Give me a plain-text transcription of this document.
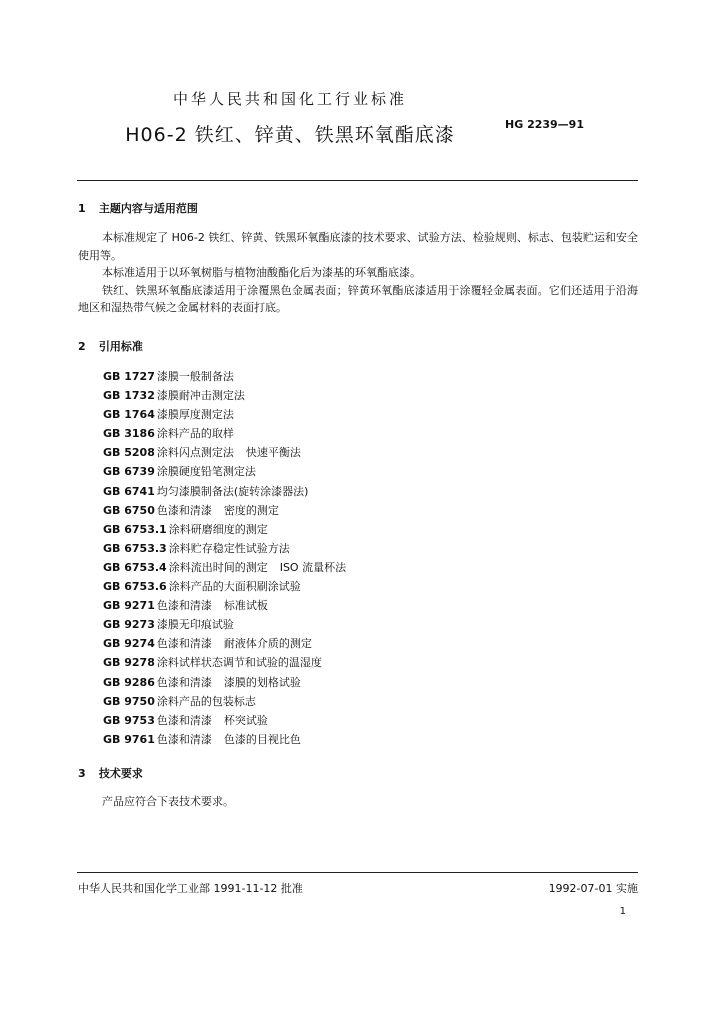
中华人民共和国化工行业标准
H06-2 铁红、锌黄、铁黑环氧酯底漆	HG 2239—91
1 主题内容与适用范围

本标准规定了 H06-2 铁红、锌黄、铁黑环氧酯底漆的技术要求、试验方法、检验规则、标志、包装贮运和安全使用等。

本标准适用于以环氧树脂与植物油酸酯化后为漆基的环氧酯底漆。

铁红、铁黑环氧酯底漆适用于涂覆黑色金属表面；锌黄环氧酯底漆适用于涂覆轻金属表面。它们还适用于沿海地区和湿热带气候之金属材料的表面打底。

2 引用标准
GB 1727 漆膜一般制备法
GB 1732 漆膜耐冲击测定法
GB 1764 漆膜厚度测定法
GB 3186 涂料产品的取样
GB 5208 涂料闪点测定法 快速平衡法
GB 6739 涂膜硬度铅笔测定法
GB 6741 均匀漆膜制备法(旋转涂漆器法)
GB 6750 色漆和清漆 密度的测定
GB 6753.1 涂料研磨细度的测定
GB 6753.3 涂料贮存稳定性试验方法
GB 6753.4 涂料流出时间的测定 ISO 流量杯法
GB 6753.6 涂料产品的大面积刷涂试验
GB 9271 色漆和清漆 标准试板
GB 9273 漆膜无印痕试验
GB 9274 色漆和清漆 耐液体介质的测定
GB 9278 涂料试样状态调节和试验的温湿度
GB 9286 色漆和清漆 漆膜的划格试验
GB 9750 涂料产品的包装标志
GB 9753 色漆和清漆 杯突试验
GB 9761 色漆和清漆 色漆的目视比色
3 技术要求

产品应符合下表技术要求。

中华人民共和国化学工业部 1991-11-12 批准	1992-07-01 实施
1
